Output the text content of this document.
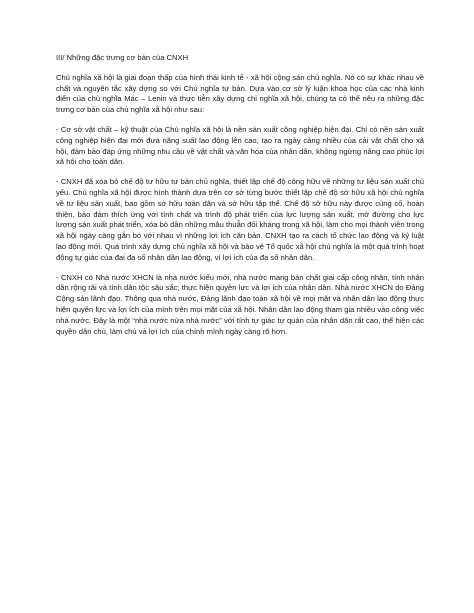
III/ Những đặc trưng cơ bản của CNXH

Chủ nghĩa xã hội là giai đoạn thấp của hình thái kinh tế - xã hội cộng sản chủ nghĩa. Nó có sự khác nhau về chất và nguyên tắc xây dựng so với Chủ nghĩa tư bản. Dựa vào cơ sở lý luận khoa học của các nhà kinh điển của chủ nghĩa Mác – Lenin và thực tiễn xây dựng chỉ nghĩa xã hội, chúng ta có thể nêu ra những đặc trưng cơ bản của chủ nghĩa xã hội như sau:

- Cơ sở vật chất – kỹ thuật của Chủ nghĩa xã hội là nền sản xuất công nghiệp hiện đại. Chỉ có nền sản xuất công nghiệp hiện đại mới đưa năng suất lao động lên cao, tạo ra ngày càng nhiều của cải vật chất cho xã hội, đảm bảo đáp ứng những nhu cầu về vật chất và văn hóa của nhân dân, không ngừng nâng cao phúc lợi xã hội cho toàn dân.

- CNXH đã xóa bỏ chế độ tư hữu tư bản chủ nghĩa, thiết lập chế độ công hữu về những tư liệu sản xuất chủ yếu. Chủ nghĩa xã hội được hình thành dựa trên cơ sở từng bước thiết lập chế độ sở hữu xã hội chủ nghĩa về tư liệu sản xuất, bao gồm sở hữu toàn dân và sở hữu tập thể. Chế độ sở hữu này được củng cố, hoàn thiện, bảo đảm thích ứng với tính chất và trình độ phát triển của lực lượng sản xuất, mở đường cho lực lượng sản xuất phát triển, xóa bỏ dần những mâu thuẫn đối kháng trong xã hội, làm cho mọi thành viên trong xã hội ngày càng gắn bó với nhau vì những lợi ích căn bản. CNXH tạo ra cách tổ chức lao động và kỷ luật lao động mới. Quá trình xây dựng chủ nghĩa xã hội và bảo vệ Tổ quốc xã hội chủ nghĩa là một quá trình hoạt động tự giác của đại đa số nhân dân lao động, vì lợi ích của đa số nhân dân.

- CNXH có Nhà nước XHCN là nhà nước kiểu mới, nhà nước mang bản chất giai cấp công nhân, tính nhân dân rộng rãi và tính dân tộc sâu sắc; thực hiện quyền lực và lợi ích của nhân dân. Nhà nước XHCN do Đảng Cộng sản lãnh đạo. Thông qua nhà nước, Đảng lãnh đạo toàn xã hội về mọi mặt và nhân dân lao động thực hiện quyền lực và lợi ích của mình trên mọi mặt của xã hội. Nhân dân lao động tham gia nhiều vào công việc nhà nước. Đây là một “nhà nước nửa nhà nước” với tính tự giác tự quản của nhân dân rất cao, thể hiện các quyền dân chủ, làm chủ và lợi ích của chính mình ngày càng rõ hơn.
